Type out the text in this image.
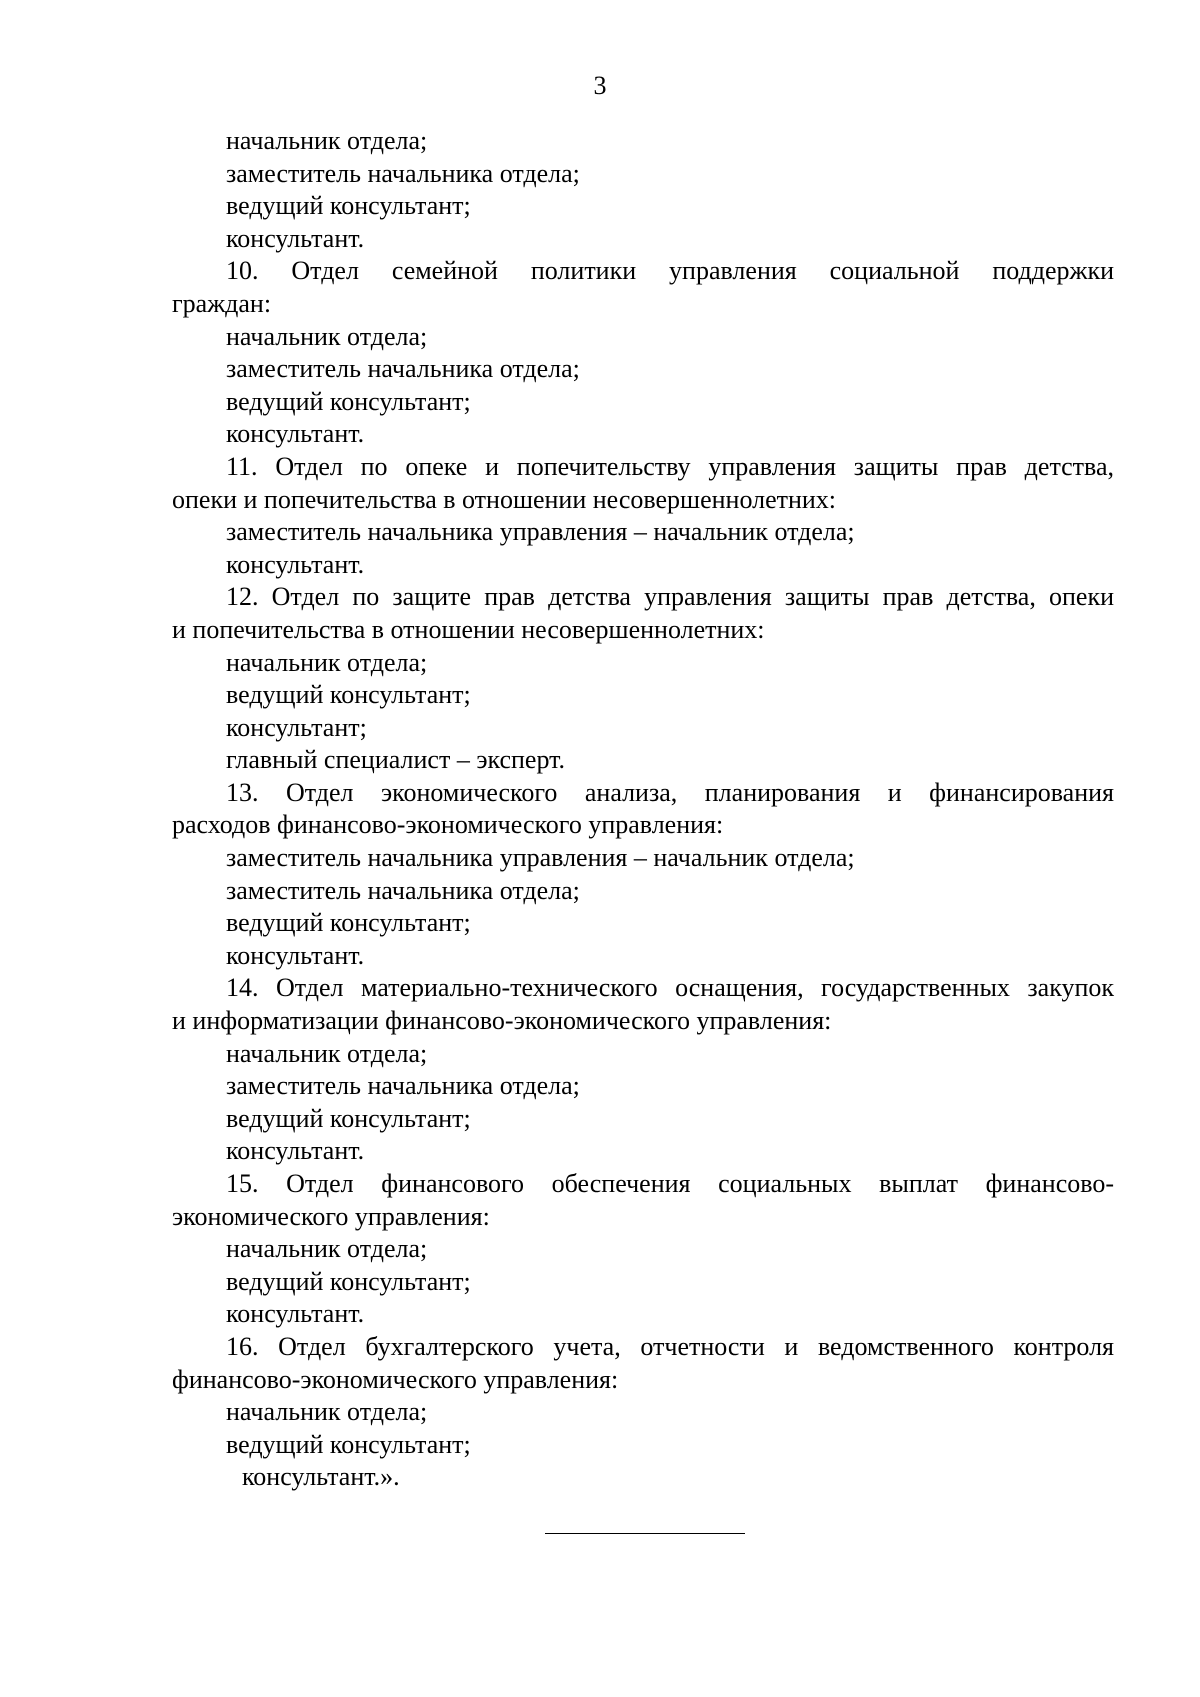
3
начальник отдела;
заместитель начальника отдела;
ведущий консультант;
консультант.
10. Отдел семейной политики управления социальной поддержки
граждан:
начальник отдела;
заместитель начальника отдела;
ведущий консультант;
консультант.
11. Отдел по опеке и попечительству управления защиты прав детства,
опеки и попечительства в отношении несовершеннолетних:
заместитель начальника управления – начальник отдела;
консультант.
12. Отдел по защите прав детства управления защиты прав детства, опеки
и попечительства в отношении несовершеннолетних:
начальник отдела;
ведущий консультант;
консультант;
главный специалист – эксперт.
13. Отдел экономического анализа, планирования и финансирования
расходов финансово-экономического управления:
заместитель начальника управления – начальник отдела;
заместитель начальника отдела;
ведущий консультант;
консультант.
14. Отдел материально-технического оснащения, государственных закупок
и информатизации финансово-экономического управления:
начальник отдела;
заместитель начальника отдела;
ведущий консультант;
консультант.
15. Отдел финансового обеспечения социальных выплат финансово-
экономического управления:
начальник отдела;
ведущий консультант;
консультант.
16. Отдел бухгалтерского учета, отчетности и ведомственного контроля
финансово-экономического управления:
начальник отдела;
ведущий консультант;
консультант.».
